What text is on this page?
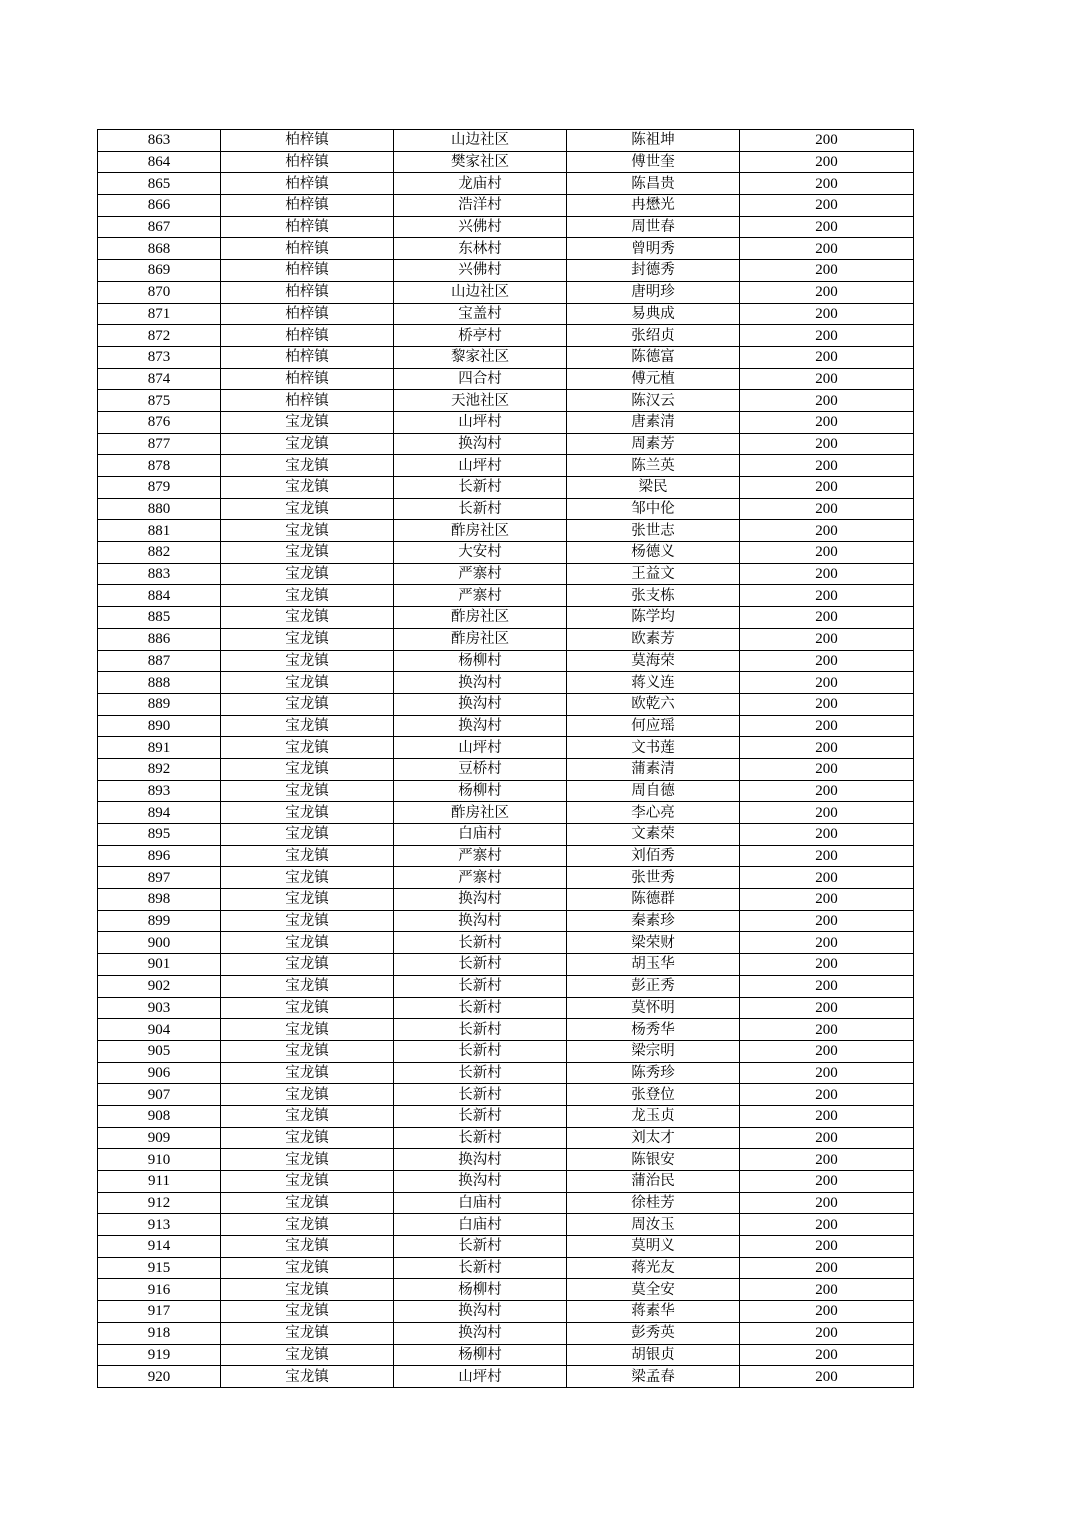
863	柏梓镇	山边社区	陈祖坤	200
864	柏梓镇	樊家社区	傅世奎	200
865	柏梓镇	龙庙村	陈昌贵	200
866	柏梓镇	浩洋村	冉懋光	200
867	柏梓镇	兴佛村	周世春	200
868	柏梓镇	东林村	曾明秀	200
869	柏梓镇	兴佛村	封德秀	200
870	柏梓镇	山边社区	唐明珍	200
871	柏梓镇	宝盖村	易典成	200
872	柏梓镇	桥亭村	张绍贞	200
873	柏梓镇	黎家社区	陈德富	200
874	柏梓镇	四合村	傅元植	200
875	柏梓镇	天池社区	陈汉云	200
876	宝龙镇	山坪村	唐素清	200
877	宝龙镇	换沟村	周素芳	200
878	宝龙镇	山坪村	陈兰英	200
879	宝龙镇	长新村	梁民	200
880	宝龙镇	长新村	邹中伦	200
881	宝龙镇	酢房社区	张世志	200
882	宝龙镇	大安村	杨德义	200
883	宝龙镇	严寨村	王益文	200
884	宝龙镇	严寨村	张支栋	200
885	宝龙镇	酢房社区	陈学均	200
886	宝龙镇	酢房社区	欧素芳	200
887	宝龙镇	杨柳村	莫海荣	200
888	宝龙镇	换沟村	蒋义连	200
889	宝龙镇	换沟村	欧乾六	200
890	宝龙镇	换沟村	何应瑶	200
891	宝龙镇	山坪村	文书莲	200
892	宝龙镇	豆桥村	蒲素清	200
893	宝龙镇	杨柳村	周自德	200
894	宝龙镇	酢房社区	李心亮	200
895	宝龙镇	白庙村	文素荣	200
896	宝龙镇	严寨村	刘佰秀	200
897	宝龙镇	严寨村	张世秀	200
898	宝龙镇	换沟村	陈德群	200
899	宝龙镇	换沟村	秦素珍	200
900	宝龙镇	长新村	梁荣财	200
901	宝龙镇	长新村	胡玉华	200
902	宝龙镇	长新村	彭正秀	200
903	宝龙镇	长新村	莫怀明	200
904	宝龙镇	长新村	杨秀华	200
905	宝龙镇	长新村	梁宗明	200
906	宝龙镇	长新村	陈秀珍	200
907	宝龙镇	长新村	张登位	200
908	宝龙镇	长新村	龙玉贞	200
909	宝龙镇	长新村	刘太才	200
910	宝龙镇	换沟村	陈银安	200
911	宝龙镇	换沟村	蒲治民	200
912	宝龙镇	白庙村	徐桂芳	200
913	宝龙镇	白庙村	周汝玉	200
914	宝龙镇	长新村	莫明义	200
915	宝龙镇	长新村	蒋光友	200
916	宝龙镇	杨柳村	莫全安	200
917	宝龙镇	换沟村	蒋素华	200
918	宝龙镇	换沟村	彭秀英	200
919	宝龙镇	杨柳村	胡银贞	200
920	宝龙镇	山坪村	梁孟春	200
